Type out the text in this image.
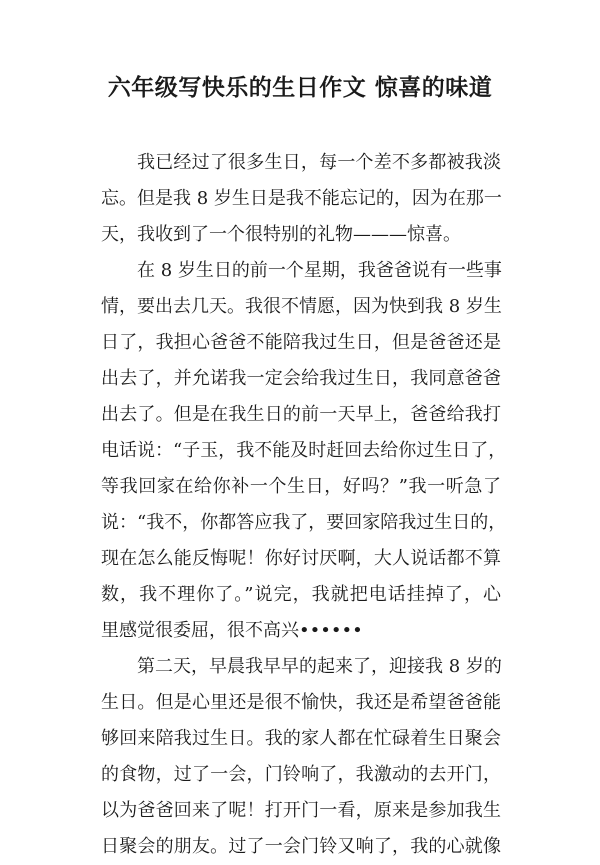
六年级写快乐的生日作文 惊喜的味道
我已经过了很多生日，每一个差不多都被我淡
忘。但是我 8 岁生日是我不能忘记的，因为在那一
天，我收到了一个很特别的礼物———惊喜。
在 8 岁生日的前一个星期，我爸爸说有一些事
情，要出去几天。我很不情愿，因为快到我 8 岁生
日了，我担心爸爸不能陪我过生日，但是爸爸还是
出去了，并允诺我一定会给我过生日，我同意爸爸
出去了。但是在我生日的前一天早上，爸爸给我打
电话说：“子玉，我不能及时赶回去给你过生日了，
等我回家在给你补一个生日，好吗？”我一听急了
说：“我不，你都答应我了，要回家陪我过生日的，
现在怎么能反悔呢！你好讨厌啊，大人说话都不算
数，我不理你了。”说完，我就把电话挂掉了，心
里感觉很委屈，很不高兴••••••
第二天，早晨我早早的起来了，迎接我 8 岁的
生日。但是心里还是很不愉快，我还是希望爸爸能
够回来陪我过生日。我的家人都在忙碌着生日聚会
的食物，过了一会，门铃响了，我激动的去开门，
以为爸爸回来了呢！打开门一看，原来是参加我生
日聚会的朋友。过了一会门铃又响了，我的心就像
